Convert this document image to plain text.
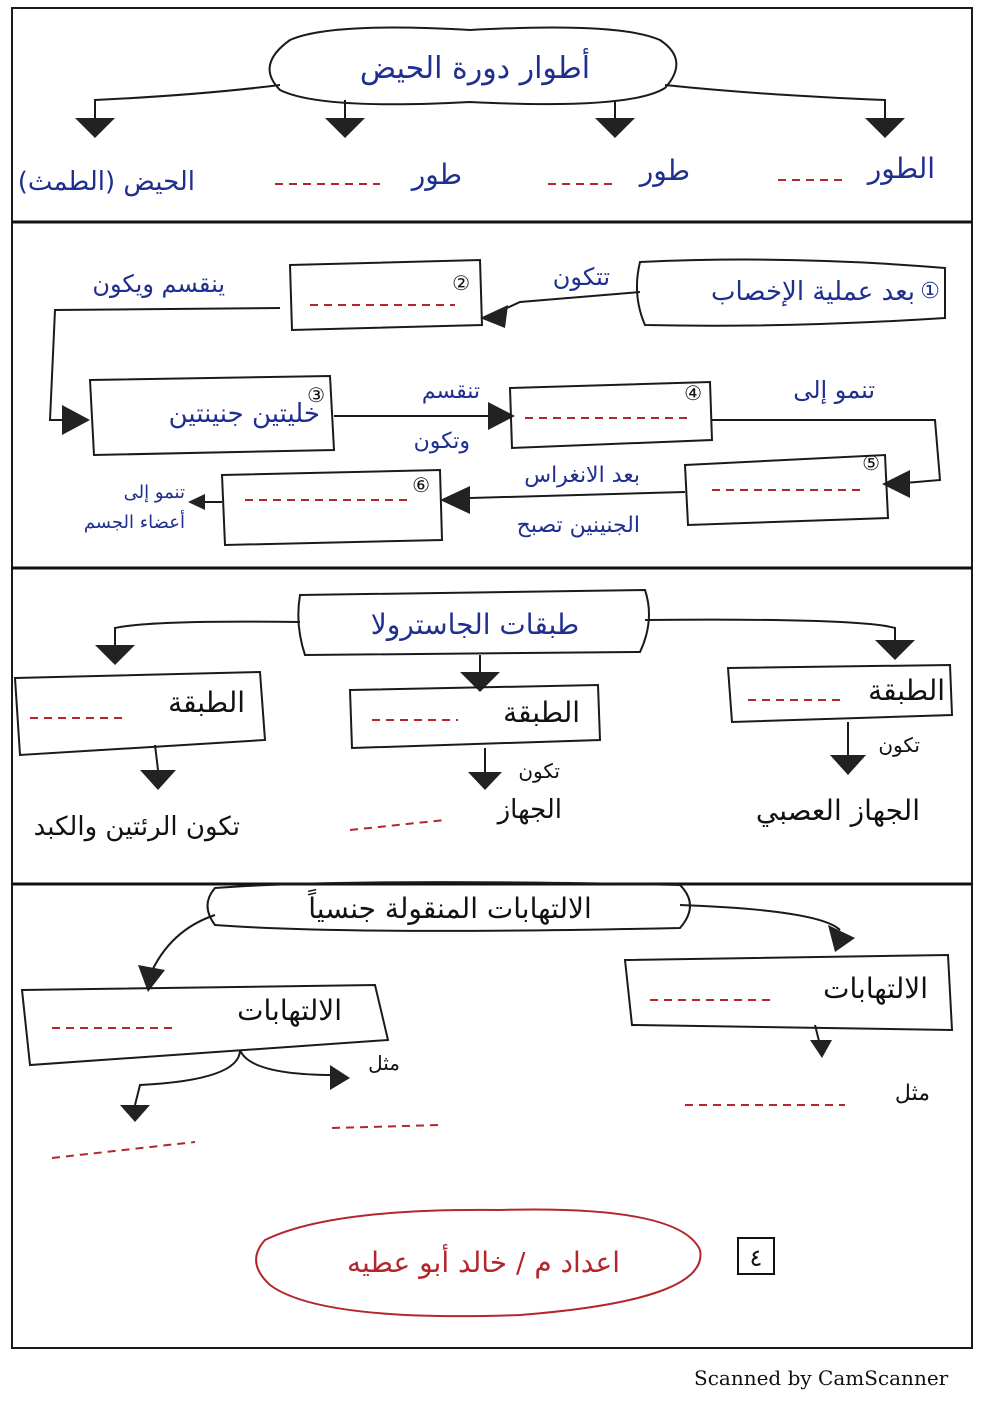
أطوار دورة الحيض
الطور
طور
طور
الحيض (الطمث)
①
بعد عملية الإخصاب
②	تتكون
ينقسم ويكون
③
خليتين جنينتين
تنقسم
وتكون
④	تنمو إلى
⑤
بعد الانغراس
الجنينين تصبح
⑥
تنمو إلى
أعضاء الجسم
طبقات الجاسترولا
الطبقة	الطبقة
الطبقة
تكون
تكون
الجهاز العصبي
الجهاز
تكون الرئتين والكبد
الالتهابات المنقولة جنسياً
الالتهابات
الالتهابات
مثل
مثل
اعداد م / خالد أبو عطيه	٤
Scanned by CamScanner
